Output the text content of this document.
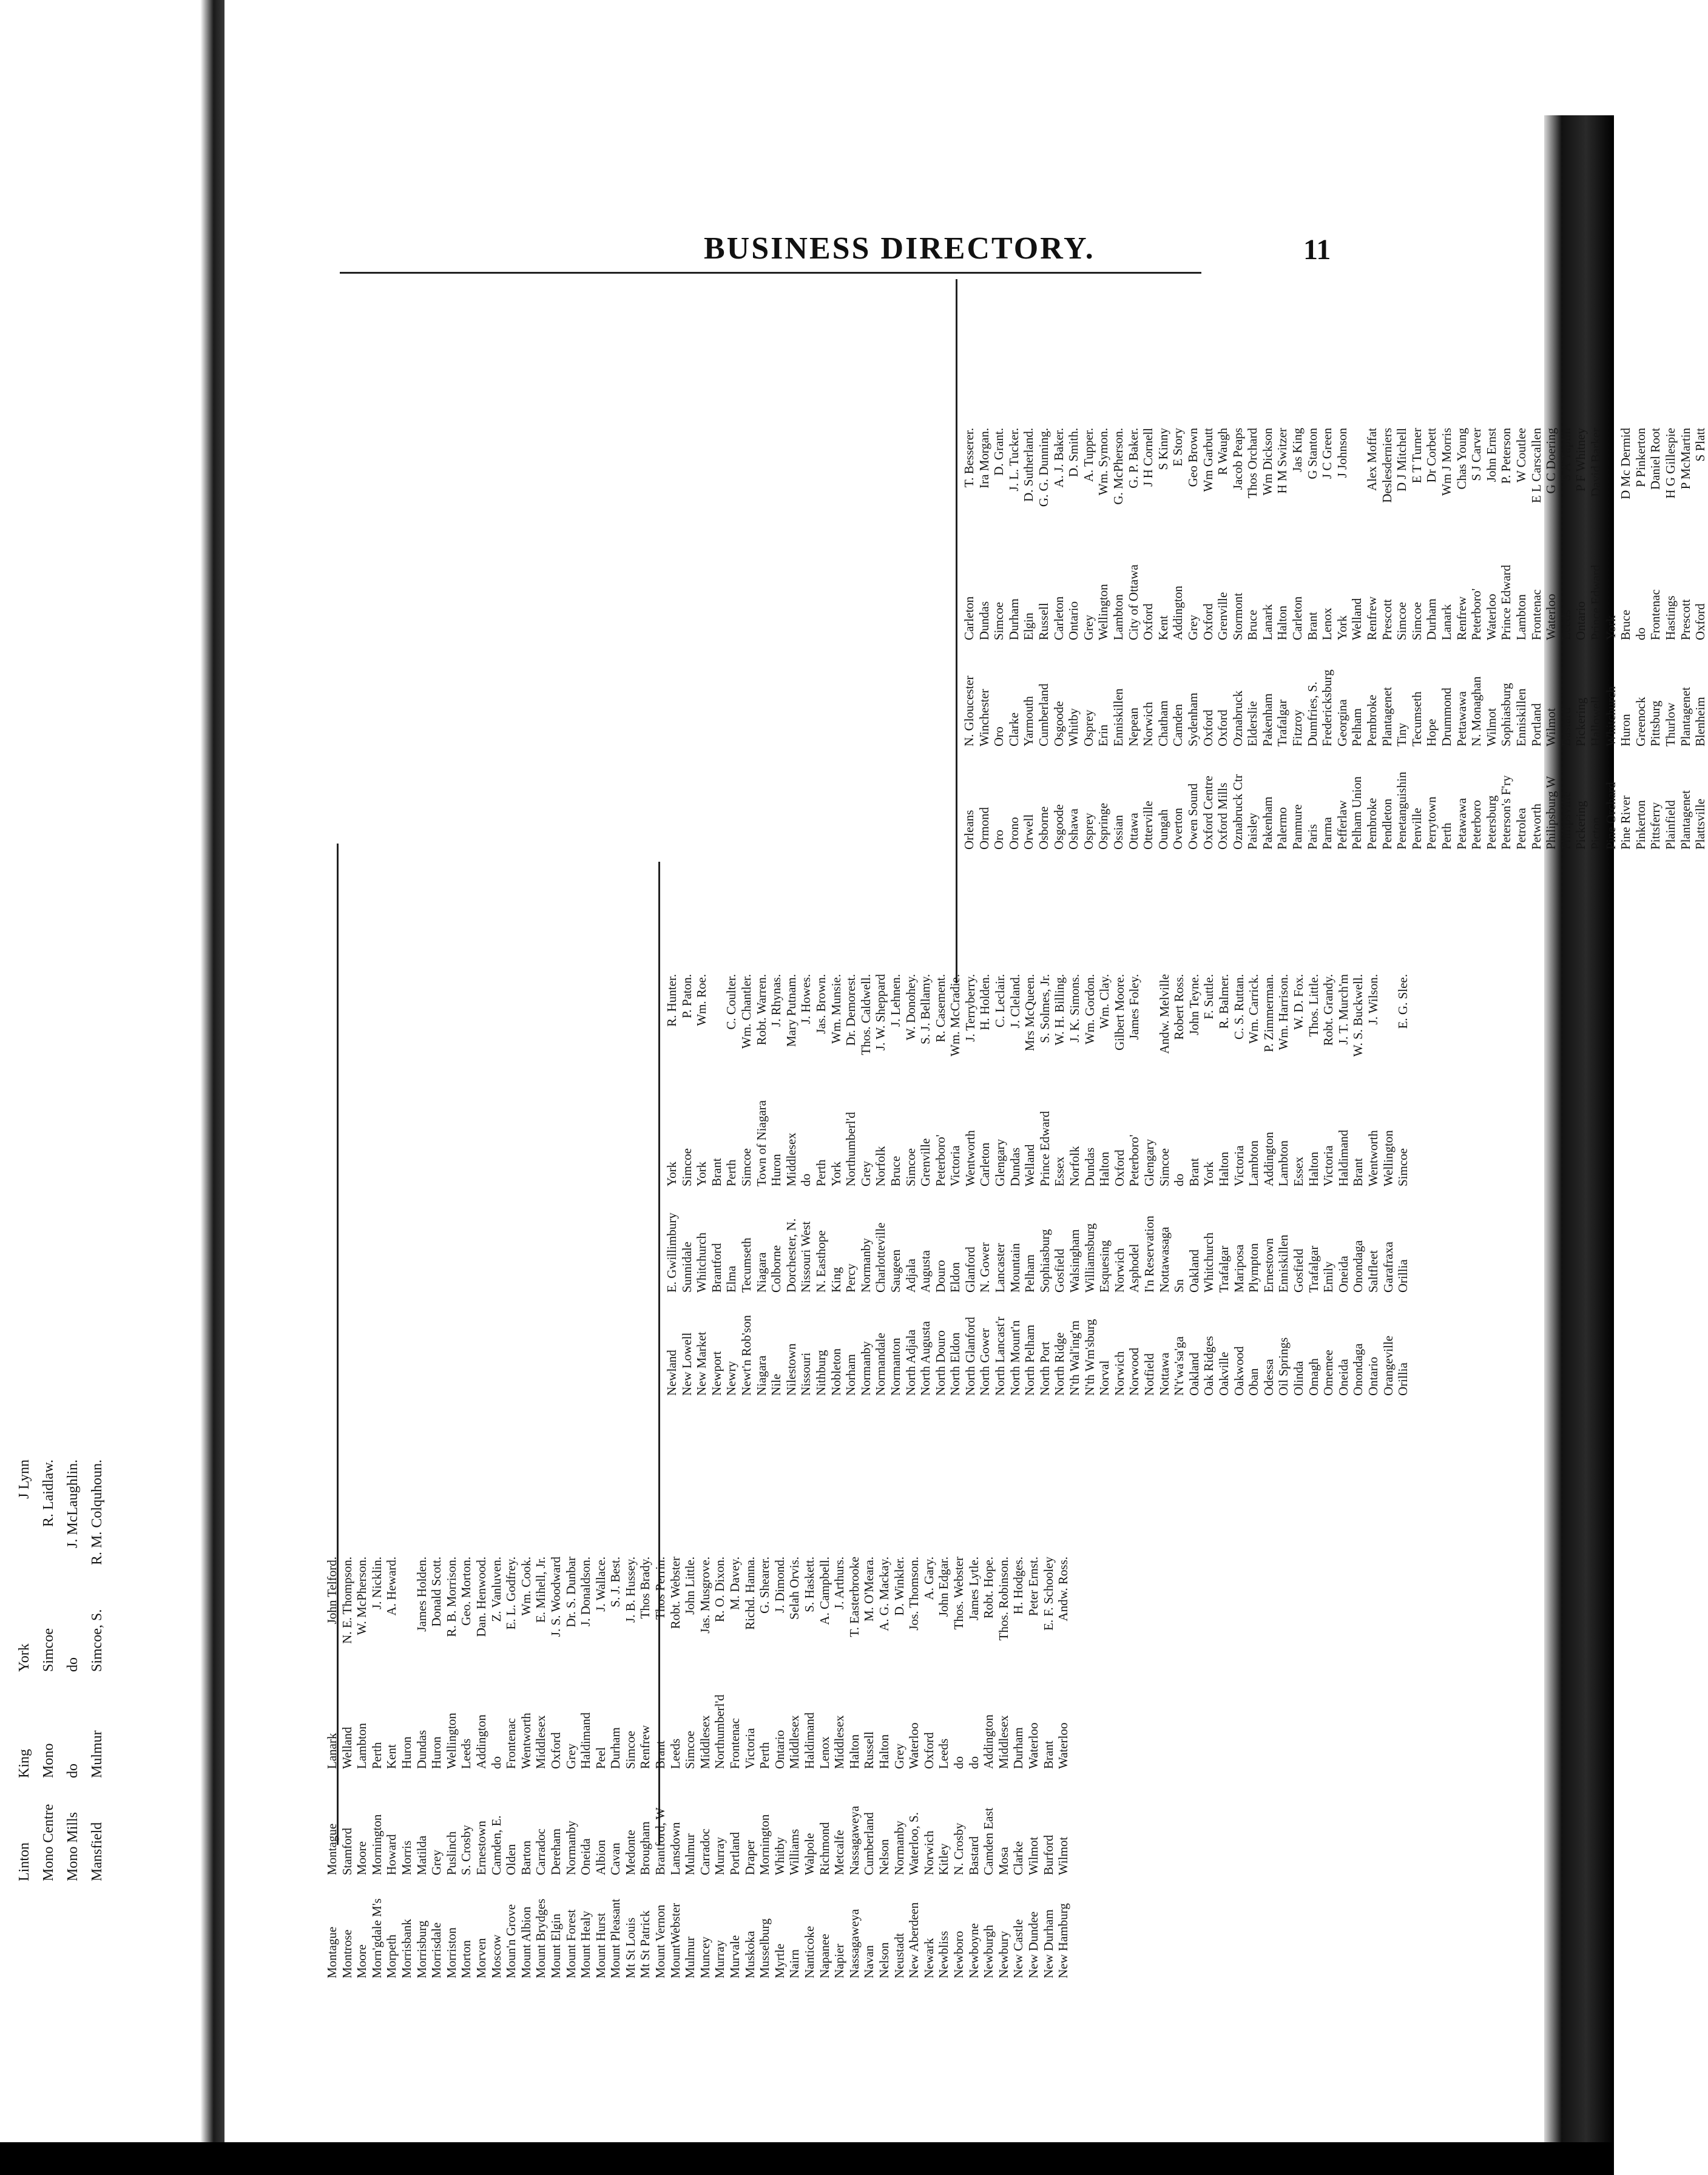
Linton
King
York
J Lynn
Mono Centre
Mono
Simcoe
R. Laidlaw.
Mono Mills
do
do
J. McLaughlin.
Mansfield
Mulmur
Simcoe, S.
R. M. Colquhoun.
BUSINESS DIRECTORY.	11
Montague
Montague
Lanark
John Telford.
Montrose
Stamford
Welland
N. E. Thompson.
Moore
Moore
Lambton
W. McPherson.
Morn'gdale M's
Mornington
Perth
J. Nicklin.
Morpeth
Howard
Kent
A. Heward.
Morrisbank
Morris
Huron
Morrisburg
Matilda
Dundas
James Holden.
Morrisdale
Grey
Huron
Donald Scott.
Morriston
Puslinch
Wellington
R. B. Morrison.
Morton
S. Crosby
Leeds
Geo. Morton.
Morven
Ernestown
Addington
Dan. Henwood.
Moscow
Camden, E.
do
Z. Vanluven.
Moun'n Grove
Olden
Frontenac
E. L. Godfrey.
Mount Albion
Barton
Wentworth
Wm. Cook.
Mount Brydges
Carradoc
Middlesex
E. Mihell, Jr.
Mount Elgin
Dereham
Oxford
J. S. Woodward
Mount Forest
Normanby
Grey
Dr. S. Dunbar
Mount Healy
Oneida
Haldimand
J. Donaldson.
Mount Hurst
Albion
Peel
J. Wallace.
Mount Pleasant
Cavan
Durham
S. J. Best.
Mt St Louis
Medonte
Simcoe
J. B. Hussey.
Mt St Patrick
Brougham
Renfrew
Thos Brady.
Mount Vernon
Brantford, W
Brant
Thos Perrin.
MountWebster
Lansdown
Leeds
Robt. Webster
Mulmur
Mulmur
Simcoe
John Little.
Muncey
Carradoc
Middlesex
Jas. Musgrove.
Murray
Murray
Northumberl'd
R. O. Dixon.
Murvale
Portland
Frontenac
M. Davey.
Muskoka
Draper
Victoria
Richd. Hanna.
Musselburg
Mornington
Perth
G. Shearer.
Myrtle
Whitby
Ontario
J. Dimond.
Nairn
Williams
Middlesex
Selah Orvis.
Nanticoke
Walpole
Haldimand
S. Haskett.
Napanee
Richmond
Lenox
A. Campbell.
Napier
Metcalfe
Middlesex
J. Arthurs.
Nassagaweya
Nassagaweya
Halton
T. Easterbrooke
Navan
Cumberland
Russell
M. O'Meara.
Nelson
Nelson
Halton
A. G. Mackay.
Neustadt
Normanby
Grey
D. Winkler.
New Aberdeen
Waterloo, S.
Waterloo
Jos. Thomson.
Newark
Norwich
Oxford
A. Gary.
Newbliss
Kitley
Leeds
John Edgar.
Newboro
N. Crosby
do
Thos. Webster
Newboyne
Bastard
do
James Lytle.
Newburgh
Camden East
Addington
Robt. Hope.
Newbury
Mosa
Middlesex
Thos. Robinson.
New Castle
Clarke
Durham
H. Hodges.
New Dundee
Wilmot
Waterloo
Peter Ernst.
New Durham
Burford
Brant
E. F. Schooley
New Hamburg
Wilmot
Waterloo
Andw. Ross.
Newland
E. Gwillimbury
York
R. Hunter.
New Lowell
Sunnidale
Simcoe
P. Paton.
New Market
Whitchurch
York
Wm. Roe.
Newport
Brantford
Brant
Newry
Elma
Perth
C. Coulter.
Newt'n Rob'son
Tecumseth
Simcoe
Wm. Chantler.
Niagara
Niagara
Town of Niagara
Robt. Warren.
Nile
Colborne
Huron
J. Rhynas.
Nilestown
Dorchester, N.
Middlesex
Mary Putnam.
Nissouri
Nissouri West
do
J. Howes.
Nithburg
N. Easthope
Perth
Jas. Brown.
Nobleton
King
York
Wm. Munsie.
Norham
Percy
Northumberl'd
Dr. Demorest.
Normanby
Normanby
Grey
Thos. Caldwell.
Normandale
Charlotteville
Norfolk
J. W. Sheppard
Normanton
Saugeen
Bruce
J. Lehnen.
North Adjala
Adjala
Simcoe
W. Donohey.
North Augusta
Augusta
Grenville
S. J. Bellamy.
North Douro
Douro
Peterboro'
R. Casement.
North Eldon
Eldon
Victoria
Wm. McCradie.
North Glanford
Glanford
Wentworth
J. Terryberry.
North Gower
N. Gower
Carleton
H. Holden.
North Lancast'r
Lancaster
Glengary
C. Leclair.
North Mount'n
Mountain
Dundas
J. Cleland.
North Pelham
Pelham
Welland
Mrs McQueen.
North Port
Sophiasburg
Prince Edward
S. Solmes, Jr.
North Ridge
Gosfield
Essex
W. H. Billing.
N'th Wal'ing'm
Walsingham
Norfolk
J. K. Simons.
N'th Wm'sburg
Williamsburg
Dundas
Wm. Gordon.
Norval
Esquesing
Halton
Wm. Clay.
Norwich
Norwich
Oxford
Gilbert Moore.
Norwood
Asphodel
Peterboro'
James Foley.
Notfield
I'n Reservation
Glengary
Nottawa
Nottawasaga
Simcoe
Andw. Melville
N't'wa'sa'ga
Sn
do
Robert Ross.
Oakland
Oakland
Brant
John Teyne.
Oak Ridges
Whitchurch
York
F. Suttle.
Oakville
Trafalgar
Halton
R. Balmer.
Oakwood
Mariposa
Victoria
C. S. Ruttan.
Oban
Plympton
Lambton
Wm. Carrick.
Odessa
Ernestown
Addington
P. Zimmerman.
Oil Springs
Enniskillen
Lambton
Wm. Harrison.
Olinda
Gosfield
Essex
W. D. Fox.
Omagh
Trafalgar
Halton
Thos. Little.
Omemee
Emily
Victoria
Robt. Grandy.
Oneida
Oneida
Haldimand
J. T. Murch'm
Onondaga
Onondaga
Brant
W. S. Buckwell.
Ontario
Saltfleet
Wentworth
J. Wilson.
Orangeville
Garafraxa
Wellington
Orillia
Orillia
Simcoe
E. G. Slee.
Orleans
N. Gloucester
Carleton
T. Besserer.
Ormond
Winchester
Dundas
Ira Morgan.
Oro
Oro
Simcoe
D. Grant.
Orono
Clarke
Durham
J. L. Tucker.
Orwell
Yarmouth
Elgin
D. Sutherland.
Osborne
Cumberland
Russell
G. G. Dunning.
Osgoode
Osgoode
Carleton
A. J. Baker.
Oshawa
Whitby
Ontario
D. Smith.
Osprey
Osprey
Grey
A. Tupper.
Ospringe
Erin
Wellington
Wm. Symon.
Ossian
Enniskillen
Lambton
G. McPherson.
Ottawa
Nepean
City of Ottawa
G. P. Baker.
Otterville
Norwich
Oxford
J H Cornell
Oungah
Chatham
Kent
S Kinny
Overton
Camden
Addington
E Story
Owen Sound
Sydenham
Grey
Geo Brown
Oxford Centre
Oxford
Oxford
Wm Garbutt
Oxford Mills
Oxford
Grenville
R Waugh
Oznabruck Ctr
Oznabruck
Stormont
Jacob Peaps
Paisley
Elderslie
Bruce
Thos Orchard
Pakenham
Pakenham
Lanark
Wm Dickson
Palermo
Trafalgar
Halton
H M Switzer
Panmure
Fitzroy
Carleton
Jas King
Paris
Dumfries, S.
Brant
G Stanton
Parma
Fredericksburg
Lenox
J C Green
Pefferlaw
Georgina
York
J Johnson
Pelham Union
Pelham
Welland
Pembroke
Pembroke
Renfrew
Alex Moffat
Pendleton
Plantagenet
Prescott
Deslesderniers
Penetanguishin
Tiny
Simcoe
D J Mitchell
Penville
Tecumseth
Simcoe
E T Turner
Perrytown
Hope
Durham
Dr Corbett
Perth
Drummond
Lanark
Wm J Morris
Petawawa
Pettawawa
Renfrew
Chas Young
Peterboro
N. Monaghan
Peterboro'
S J Carver
Petersburg
Wilmot
Waterloo
John Ernst
Peterson's F'ry
Sophiasburg
Prince Edward
P. Peterson
Petrolea
Enniskillen
Lambton
W Coutlee
Petworth
Portland
Frontenac
E L Carscallen
Philipsburg W
Wilmot
Waterloo
G C Doering
Philipsville
Bastard
Leeds
S A Taplin
Pickering
Pickering
Ontario
P F Whitney
Picton
Hallowell
Prince Edward
David Barker
Pine Orchard
Whitchurch
York
Pine River
Huron
Bruce
D Mc Dermid
Pinkerton
Greenock
do
P Pinkerton
Pittsferry
Pittsburg
Frontenac
Daniel Root
Plainfield
Thurlow
Hastings
H G Gillespie
Plantagenet
Plantagenet
Prescott
P McMartin
Plattsville
Blenheim
Oxford
S Platt
